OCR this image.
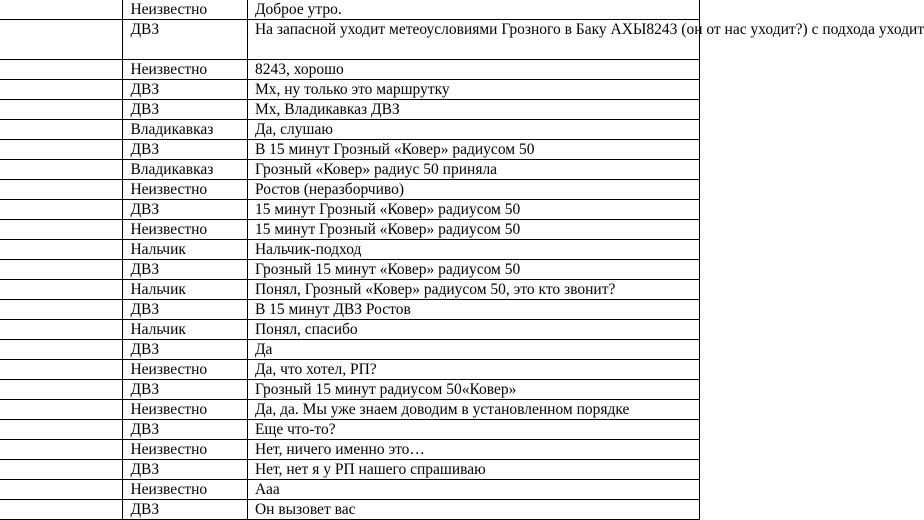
	Неизвестно	Доброе утро.
	ДВЗ	На запасной уходит метеоусловиями Грозного в Баку АХЫ8243 (он от нас уходит?) с подхода уходит
	Неизвестно	8243, хорошо
	ДВЗ	Мх, ну только это маршрутку
	ДВЗ	Мх, Владикавказ ДВЗ
	Владикавказ	Да, слушаю
	ДВЗ	В 15 минут Грозный «Ковер» радиусом 50
	Владикавказ	Грозный «Ковер» радиус 50 приняла
	Неизвестно	Ростов (неразборчиво)
	ДВЗ	15 минут Грозный «Ковер» радиусом 50
	Неизвестно	15 минут Грозный «Ковер» радиусом 50
	Нальчик	Нальчик-подход
	ДВЗ	Грозный 15 минут «Ковер» радиусом 50
	Нальчик	Понял, Грозный «Ковер» радиусом 50, это кто звонит?
	ДВЗ	В 15 минут ДВЗ Ростов
	Нальчик	Понял, спасибо
	ДВЗ	Да
	Неизвестно	Да, что хотел, РП?
	ДВЗ	Грозный 15 минут радиусом 50«Ковер»
	Неизвестно	Да, да. Мы уже знаем доводим в установленном порядке
	ДВЗ	Еще что-то?
	Неизвестно	Нет, ничего именно это…
	ДВЗ	Нет, нет я у РП нашего спрашиваю
	Неизвестно	Ааа
	ДВЗ	Он вызовет вас
